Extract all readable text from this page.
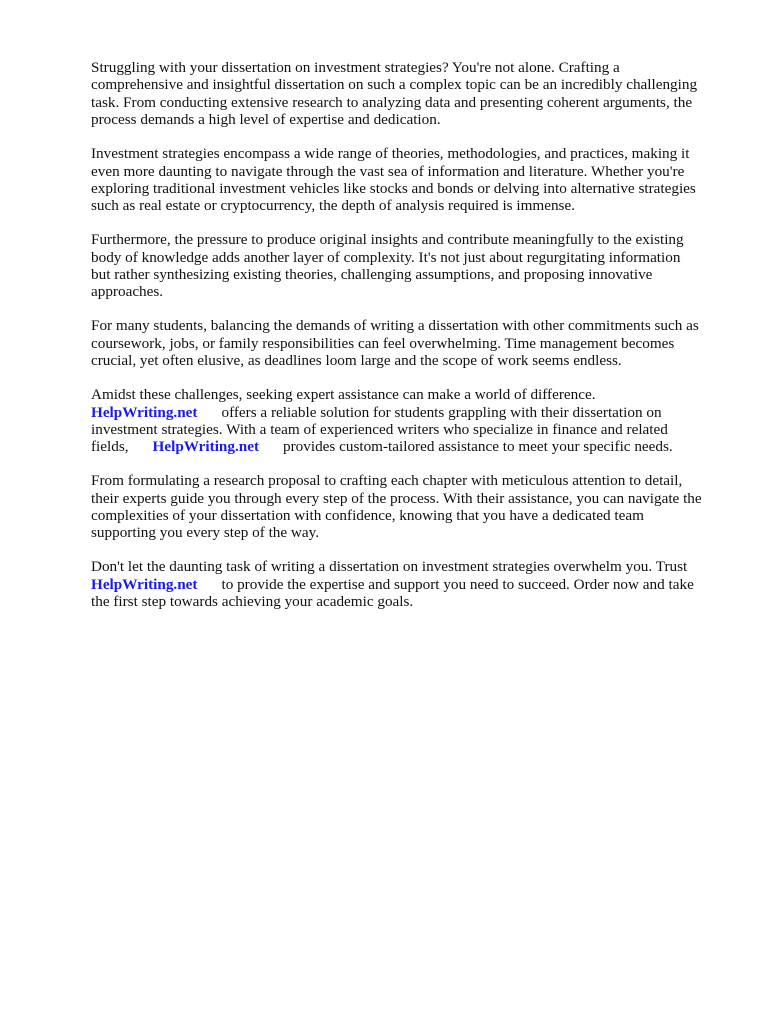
Struggling with your dissertation on investment strategies? You're not alone. Crafting a
comprehensive and insightful dissertation on such a complex topic can be an incredibly challenging
task. From conducting extensive research to analyzing data and presenting coherent arguments, the
process demands a high level of expertise and dedication.

Investment strategies encompass a wide range of theories, methodologies, and practices, making it
even more daunting to navigate through the vast sea of information and literature. Whether you're
exploring traditional investment vehicles like stocks and bonds or delving into alternative strategies
such as real estate or cryptocurrency, the depth of analysis required is immense.

Furthermore, the pressure to produce original insights and contribute meaningfully to the existing
body of knowledge adds another layer of complexity. It's not just about regurgitating information
but rather synthesizing existing theories, challenging assumptions, and proposing innovative
approaches.

For many students, balancing the demands of writing a dissertation with other commitments such as
coursework, jobs, or family responsibilities can feel overwhelming. Time management becomes
crucial, yet often elusive, as deadlines loom large and the scope of work seems endless.

Amidst these challenges, seeking expert assistance can make a world of difference.
HelpWriting.net offers a reliable solution for students grappling with their dissertation on
investment strategies. With a team of experienced writers who specialize in finance and related
fields, HelpWriting.net provides custom-tailored assistance to meet your specific needs.

From formulating a research proposal to crafting each chapter with meticulous attention to detail,
their experts guide you through every step of the process. With their assistance, you can navigate the
complexities of your dissertation with confidence, knowing that you have a dedicated team
supporting you every step of the way.

Don't let the daunting task of writing a dissertation on investment strategies overwhelm you. Trust
HelpWriting.net to provide the expertise and support you need to succeed. Order now and take
the first step towards achieving your academic goals.
